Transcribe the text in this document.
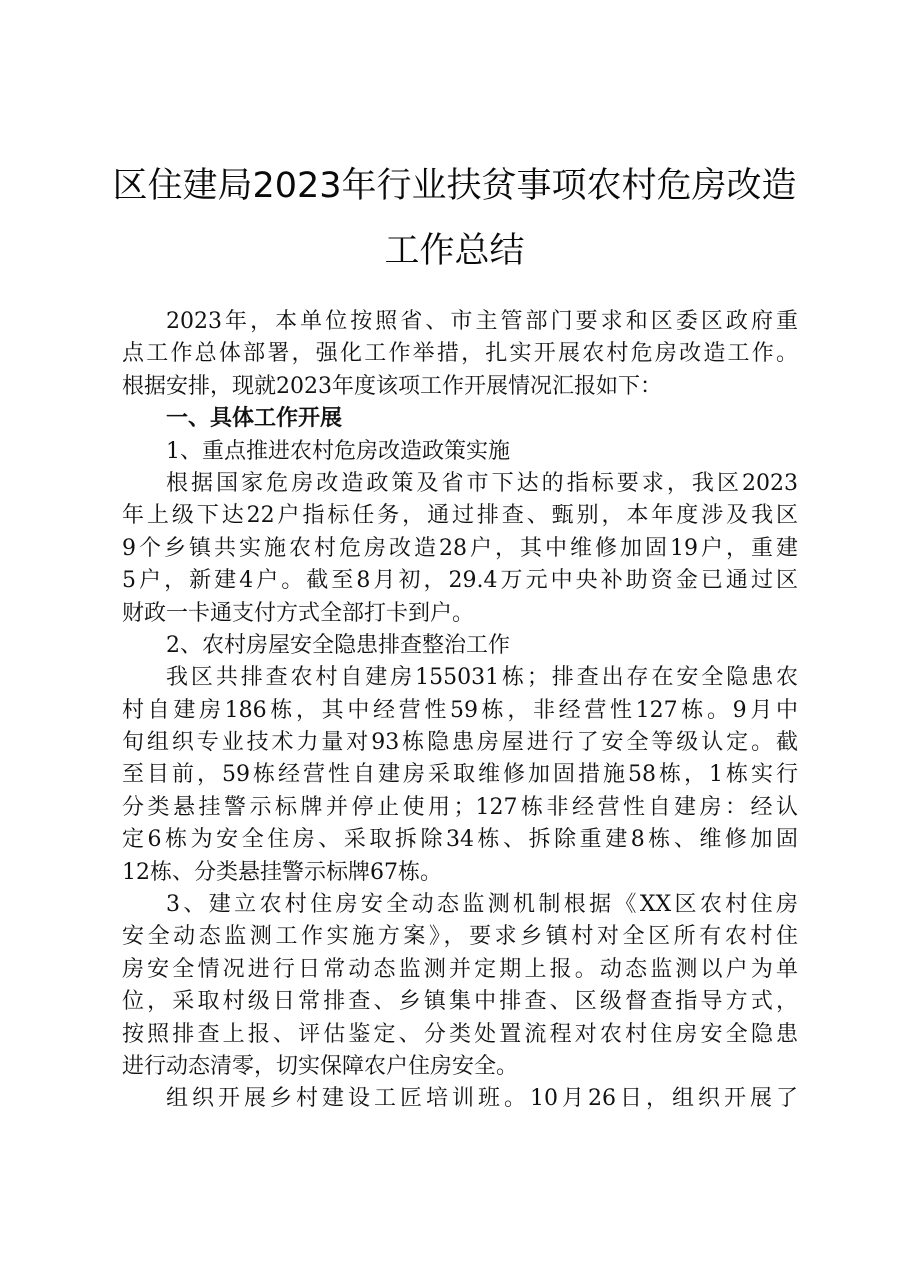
区住建局2023年行业扶贫事项农村危房改造
工作总结
2023年，本单位按照省、市主管部门要求和区委区政府重
点工作总体部署，强化工作举措，扎实开展农村危房改造工作。
根据安排，现就2023年度该项工作开展情况汇报如下：
一、具体工作开展
1、重点推进农村危房改造政策实施
根据国家危房改造政策及省市下达的指标要求，我区2023
年上级下达22户指标任务，通过排查、甄别，本年度涉及我区
9个乡镇共实施农村危房改造28户，其中维修加固19户，重建
5户，新建4户。截至8月初，29.4万元中央补助资金已通过区
财政一卡通支付方式全部打卡到户。
2、农村房屋安全隐患排查整治工作
我区共排查农村自建房155031栋；排查出存在安全隐患农
村自建房186栋，其中经营性59栋，非经营性127栋。9月中
旬组织专业技术力量对93栋隐患房屋进行了安全等级认定。截
至目前，59栋经营性自建房采取维修加固措施58栋，1栋实行
分类悬挂警示标牌并停止使用；127栋非经营性自建房：经认
定6栋为安全住房、采取拆除34栋、拆除重建8栋、维修加固
12栋、分类悬挂警示标牌67栋。
3、建立农村住房安全动态监测机制根据《XX区农村住房
安全动态监测工作实施方案》，要求乡镇村对全区所有农村住
房安全情况进行日常动态监测并定期上报。动态监测以户为单
位，采取村级日常排查、乡镇集中排查、区级督查指导方式，
按照排查上报、评估鉴定、分类处置流程对农村住房安全隐患
进行动态清零，切实保障农户住房安全。
组织开展乡村建设工匠培训班。10月26日，组织开展了
